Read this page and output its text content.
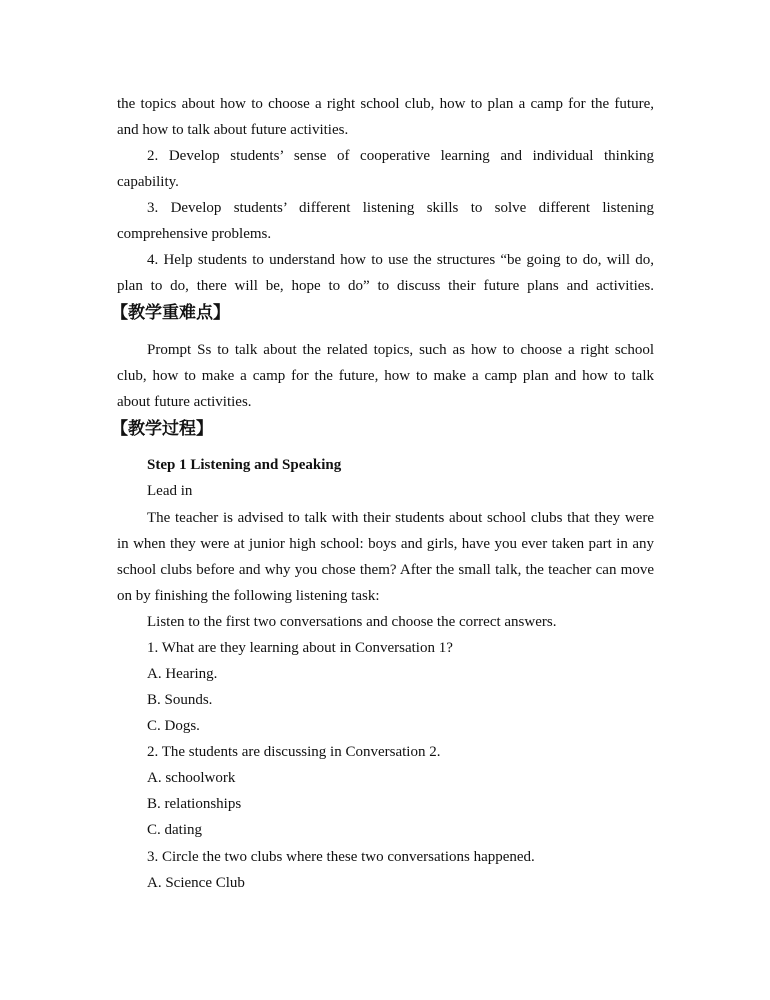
the topics about how to choose a right school club, how to plan a camp for the future,
and how to talk about future activities.
2. Develop students’ sense of cooperative learning and individual thinking
capability.
3. Develop students’ different listening skills to solve different listening
comprehensive problems.
4. Help students to understand how to use the structures “be going to do, will do,
plan to do, there will be, hope to do” to discuss their future plans and activities.
【教学重难点】
Prompt Ss to talk about the related topics, such as how to choose a right school
club, how to make a camp for the future, how to make a camp plan and how to talk
about future activities.
【教学过程】
Step 1 Listening and Speaking
Lead in
The teacher is advised to talk with their students about school clubs that they were
in when they were at junior high school: boys and girls, have you ever taken part in any
school clubs before and why you chose them? After the small talk, the teacher can move
on by finishing the following listening task:
Listen to the first two conversations and choose the correct answers.
1. What are they learning about in Conversation 1?
A. Hearing.
B. Sounds.
C. Dogs.
2. The students are discussing in Conversation 2.
A. schoolwork
B. relationships
C. dating
3. Circle the two clubs where these two conversations happened.
A. Science Club
